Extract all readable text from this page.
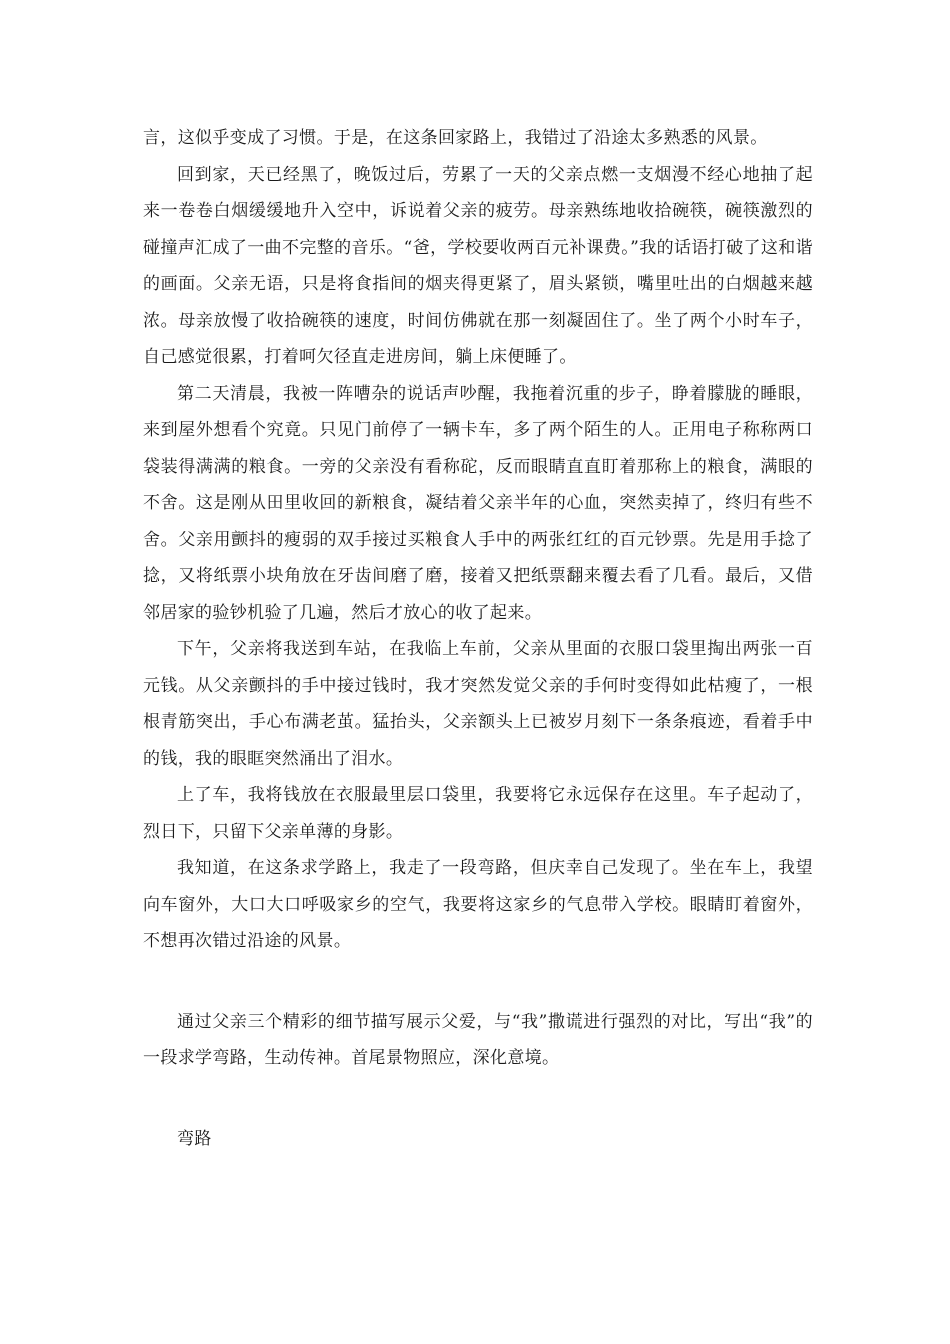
言，这似乎变成了习惯。于是，在这条回家路上，我错过了沿途太多熟悉的风景。

回到家，天已经黑了，晚饭过后，劳累了一天的父亲点燃一支烟漫不经心地抽了起来一卷卷白烟缓缓地升入空中，诉说着父亲的疲劳。母亲熟练地收拾碗筷，碗筷激烈的碰撞声汇成了一曲不完整的音乐。“爸，学校要收两百元补课费。”我的话语打破了这和谐的画面。父亲无语，只是将食指间的烟夹得更紧了，眉头紧锁，嘴里吐出的白烟越来越浓。母亲放慢了收拾碗筷的速度，时间仿佛就在那一刻凝固住了。坐了两个小时车子，自己感觉很累，打着呵欠径直走进房间，躺上床便睡了。

第二天清晨，我被一阵嘈杂的说话声吵醒，我拖着沉重的步子，睁着朦胧的睡眼，来到屋外想看个究竟。只见门前停了一辆卡车，多了两个陌生的人。正用电子称称两口袋装得满满的粮食。一旁的父亲没有看称砣，反而眼睛直直盯着那称上的粮食，满眼的不舍。这是刚从田里收回的新粮食，凝结着父亲半年的心血，突然卖掉了，终归有些不舍。父亲用颤抖的瘦弱的双手接过买粮食人手中的两张红红的百元钞票。先是用手捻了捻，又将纸票小块角放在牙齿间磨了磨，接着又把纸票翻来覆去看了几看。最后，又借邻居家的验钞机验了几遍，然后才放心的收了起来。

下午，父亲将我送到车站，在我临上车前，父亲从里面的衣服口袋里掏出两张一百元钱。从父亲颤抖的手中接过钱时，我才突然发觉父亲的手何时变得如此枯瘦了，一根根青筋突出，手心布满老茧。猛抬头，父亲额头上已被岁月刻下一条条痕迹，看着手中的钱，我的眼眶突然涌出了泪水。

上了车，我将钱放在衣服最里层口袋里，我要将它永远保存在这里。车子起动了，烈日下，只留下父亲单薄的身影。

我知道，在这条求学路上，我走了一段弯路，但庆幸自己发现了。坐在车上，我望向车窗外，大口大口呼吸家乡的空气，我要将这家乡的气息带入学校。眼睛盯着窗外，不想再次错过沿途的风景。

通过父亲三个精彩的细节描写展示父爱，与“我”撒谎进行强烈的对比，写出“我”的一段求学弯路，生动传神。首尾景物照应，深化意境。

弯路
